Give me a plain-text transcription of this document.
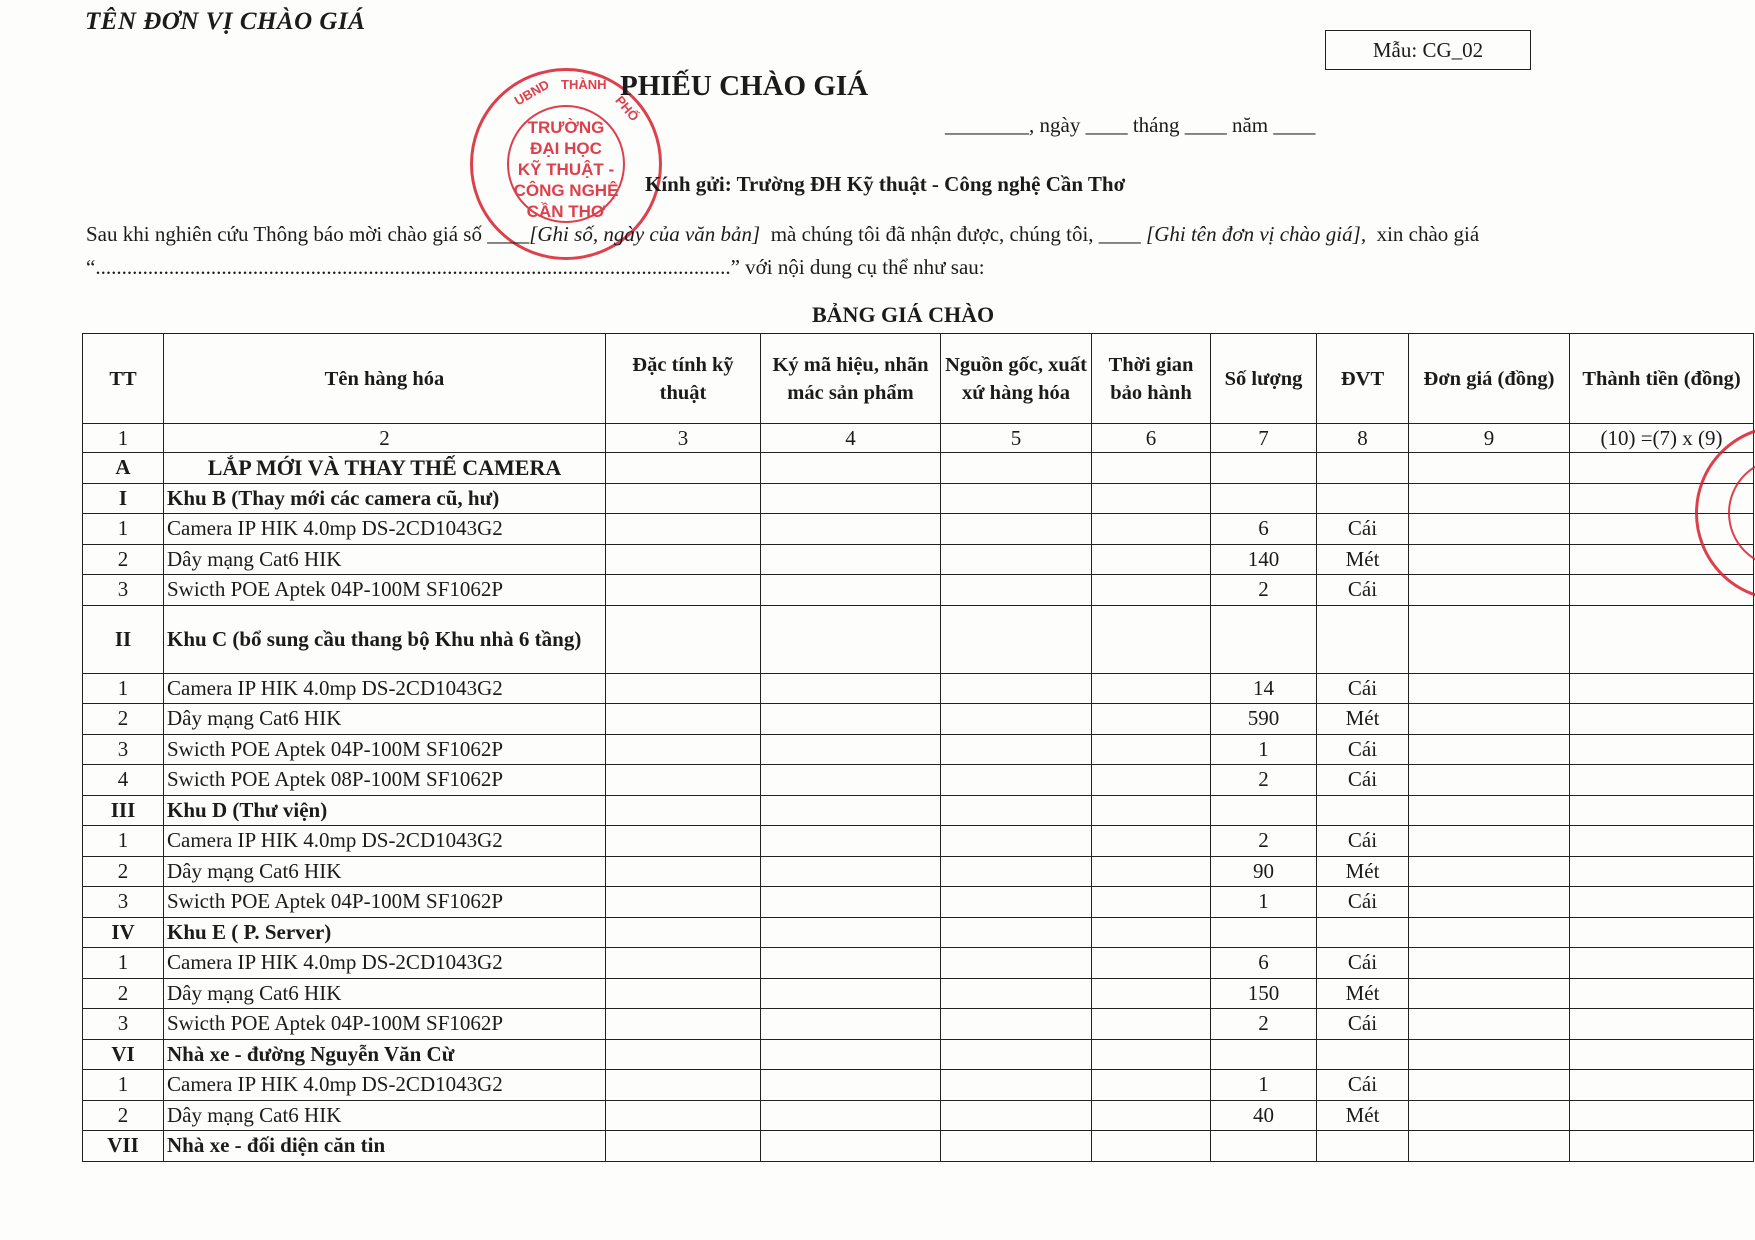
TÊN ĐƠN VỊ CHÀO GIÁ
Mẫu: CG_02
UBND THÀNH
PHỐ
TRƯỜNG
ĐẠI HỌC
KỸ THUẬT -
CÔNG NGHỆ
CẦN THƠ
PHIẾU CHÀO GIÁ
________, ngày ____ tháng ____ năm ____
Kính gửi: Trường ĐH Kỹ thuật - Công nghệ Cần Thơ
Sau khi nghiên cứu Thông báo mời chào giá số ____[Ghi số, ngày của văn bản]  mà chúng tôi đã nhận được, chúng tôi, ____ [Ghi tên đơn vị chào giá],  xin chào giá
“.........................................................................................................................” với nội dung cụ thể như sau:
BẢNG GIÁ CHÀO
TT	Tên hàng hóa	Đặc tính kỹ thuật	Ký mã hiệu, nhãn mác sản phẩm	Nguồn gốc, xuất xứ hàng hóa	Thời gian bảo hành	Số lượng	ĐVT	Đơn giá (đồng)	Thành tiền (đồng)
1	2	3	4	5	6	7	8	9	(10) =(7) x (9)
A	LẮP MỚI VÀ THAY THẾ CAMERA								
I	Khu B (Thay mới các camera cũ, hư)								
1	Camera IP HIK 4.0mp DS-2CD1043G2					6	Cái		
2	Dây mạng Cat6 HIK					140	Mét		
3	Swicth POE Aptek 04P-100M SF1062P					2	Cái		
II	Khu C (bổ sung cầu thang bộ Khu nhà 6 tầng)								
1	Camera IP HIK 4.0mp DS-2CD1043G2					14	Cái		
2	Dây mạng Cat6 HIK					590	Mét		
3	Swicth POE Aptek 04P-100M SF1062P					1	Cái		
4	Swicth POE Aptek 08P-100M SF1062P					2	Cái		
III	Khu D (Thư viện)								
1	Camera IP HIK 4.0mp DS-2CD1043G2					2	Cái		
2	Dây mạng Cat6 HIK					90	Mét		
3	Swicth POE Aptek 04P-100M SF1062P					1	Cái		
IV	Khu E ( P. Server)								
1	Camera IP HIK 4.0mp DS-2CD1043G2					6	Cái		
2	Dây mạng Cat6 HIK					150	Mét		
3	Swicth POE Aptek 04P-100M SF1062P					2	Cái		
VI	Nhà xe - đường Nguyễn Văn Cừ								
1	Camera IP HIK 4.0mp DS-2CD1043G2					1	Cái		
2	Dây mạng Cat6 HIK					40	Mét		
VII	Nhà xe - đối diện căn tin								
